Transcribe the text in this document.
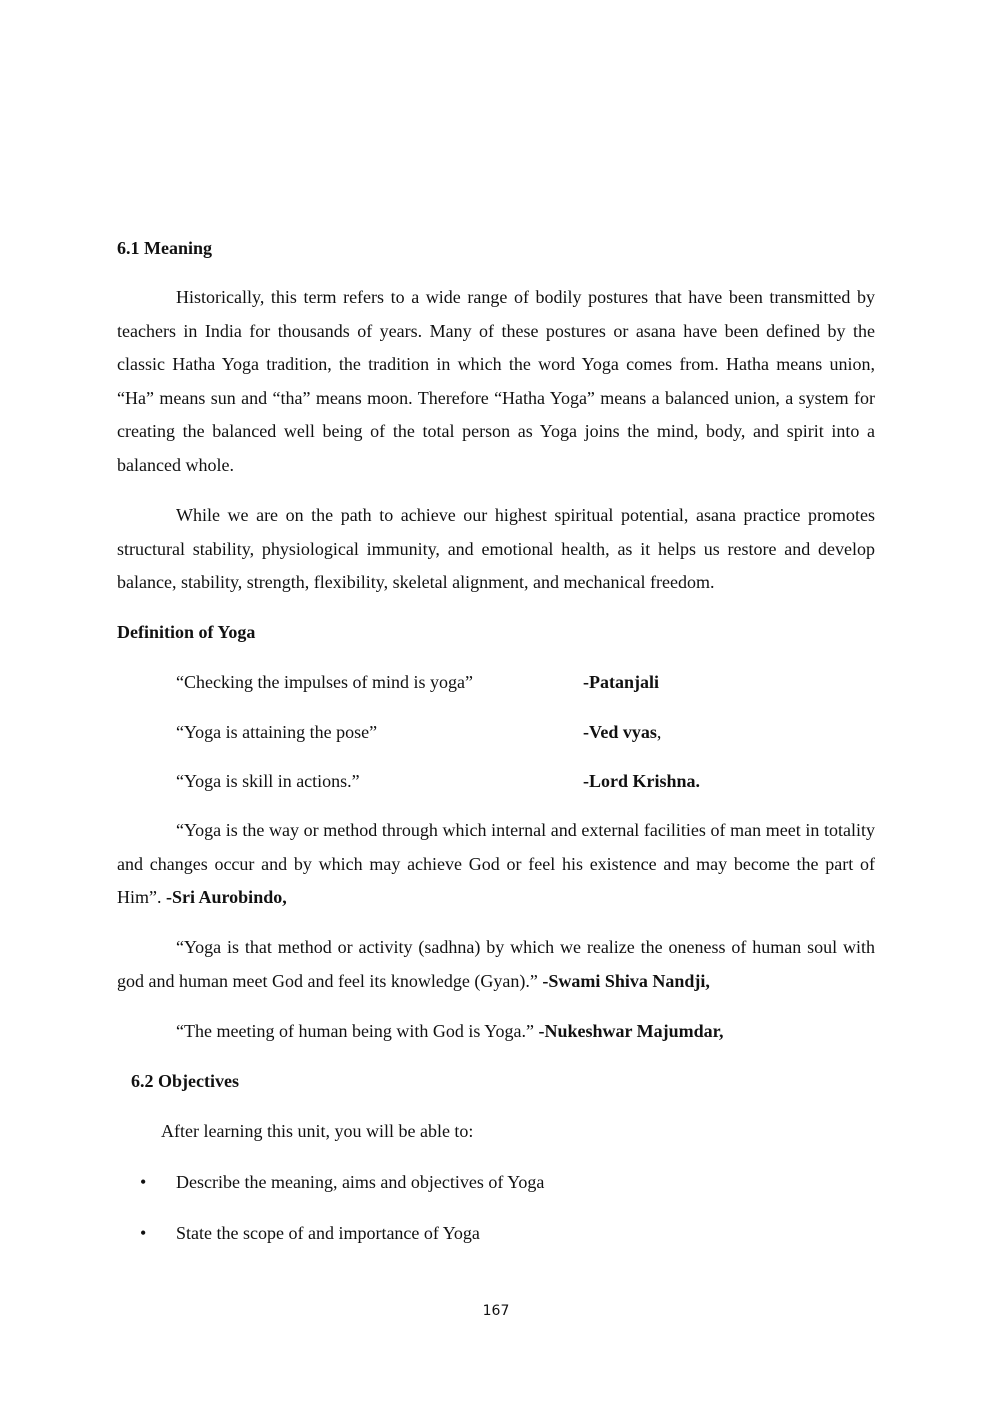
6.1 Meaning

Historically, this term refers to a wide range of bodily postures that have been transmitted by teachers in India for thousands of years. Many of these postures or asana have been defined by the classic Hatha Yoga tradition, the tradition in which the word Yoga comes from. Hatha means union, “Ha” means sun and “tha” means moon. Therefore “Hatha Yoga” means a balanced union, a system for creating the balanced well being of the total person as Yoga joins the mind, body, and spirit into a balanced whole.

While we are on the path to achieve our highest spiritual potential, asana practice promotes structural stability, physiological immunity, and emotional health, as it helps us restore and develop balance, stability, strength, flexibility, skeletal alignment, and mechanical freedom.

Definition of Yoga
“Checking the impulses of mind is yoga”	-Patanjali
“Yoga is attaining the pose”	-Ved vyas,
“Yoga is skill in actions.”	-Lord Krishna.

“Yoga is the way or method through which internal and external facilities of man meet in totality and changes occur and by which may achieve God or feel his existence and may become the part of Him”. -Sri Aurobindo,

“Yoga is that method or activity (sadhna) by which we realize the oneness of human soul with god and human meet God and feel its knowledge (Gyan).” -Swami Shiva Nandji,

“The meeting of human being with God is Yoga.” -Nukeshwar Majumdar,

6.2 Objectives

After learning this unit, you will be able to:

•	Describe the meaning, aims and objectives of Yoga
•	State the scope of and importance of Yoga
167
